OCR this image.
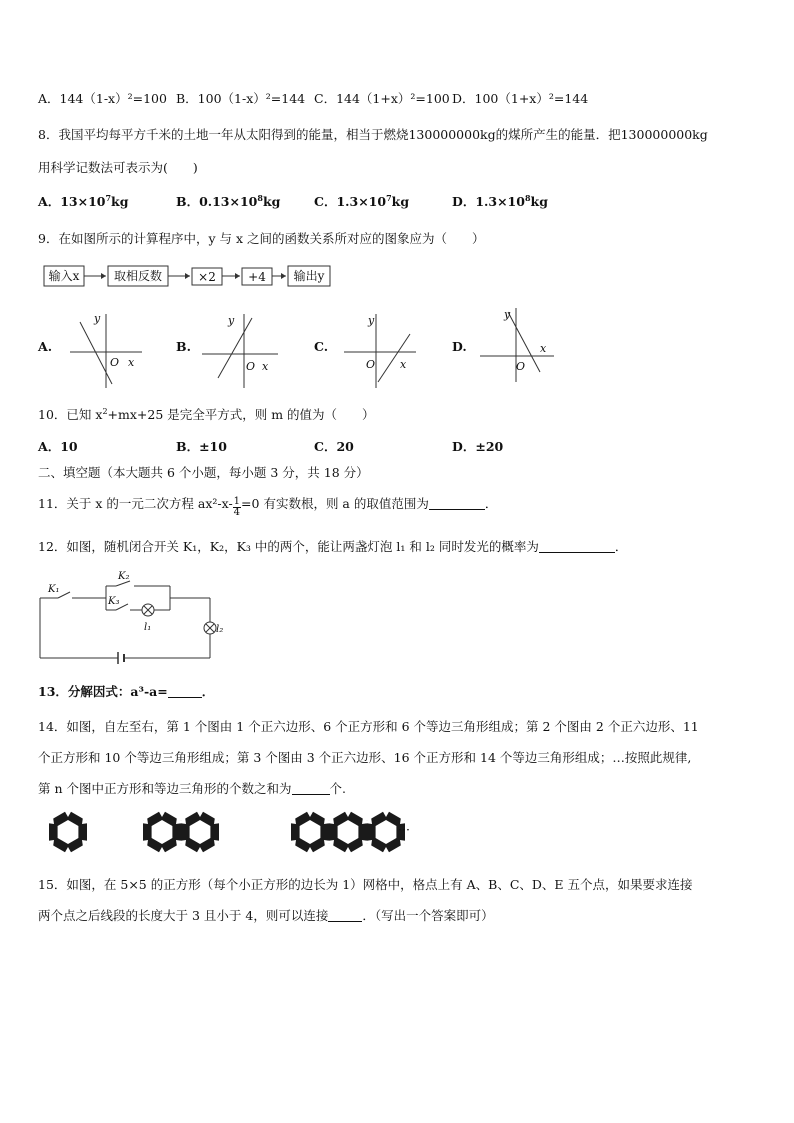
A．144（1-x）²=100 B．100（1-x）²=144 C．144（1+x）²=100 D．100（1+x）²=144
8．我国平均每平方千米的土地一年从太阳得到的能量，相当于燃烧130000000kg的煤所产生的能量．把130000000kg
用科学记数法可表示为(　　)
A．$13\times 10^7kg$	B．$0.13\times 10^8kg$	C．$1.3\times 10^7kg$	D．$1.3\times 10^8kg$
9．在如图所示的计算程序中，y 与 x 之间的函数关系所对应的图象应为（　　）
输入x	取相反数	×2	+4 输出y
A.
y
x
O
B.
y
x
O
C.
y
x
O
D.
y
x
O
10．已知 $x^2+mx+25$ 是完全平方式，则 m 的值为（　　）
A．10	B．±10	C．20	D．±20
二、填空题（本大题共 6 个小题，每小题 3 分，共 18 分）
11．关于 x 的一元二次方程 $ax^2-x- \frac{1}{4} =0$ 有实数根，则 a 的取值范围为	．
12．如图，随机闭合开关 K₁，K₂，K₃ 中的两个，能让两盏灯泡 l₁ 和 l₂ 同时发光的概率为	．
K₁
K₂
K₃
l₁	l₂
13．分解因式：a³-a=	．
14．如图，自左至右，第 1 个图由 1 个正六边形、6 个正方形和 6 个等边三角形组成；第 2 个图由 2 个正六边形、11
个正方形和 10 个等边三角形组成；第 3 个图由 3 个正六边形、16 个正方形和 14 个等边三角形组成；…按照此规律,
第 n 个图中正方形和等边三角形的个数之和为	个.
···
15．如图，在 5×5 的正方形（每个小正方形的边长为 1）网格中，格点上有 A、B、C、D、E 五个点，如果要求连接
两个点之后线段的长度大于 3 且小于 4，则可以连接	．（写出一个答案即可）
